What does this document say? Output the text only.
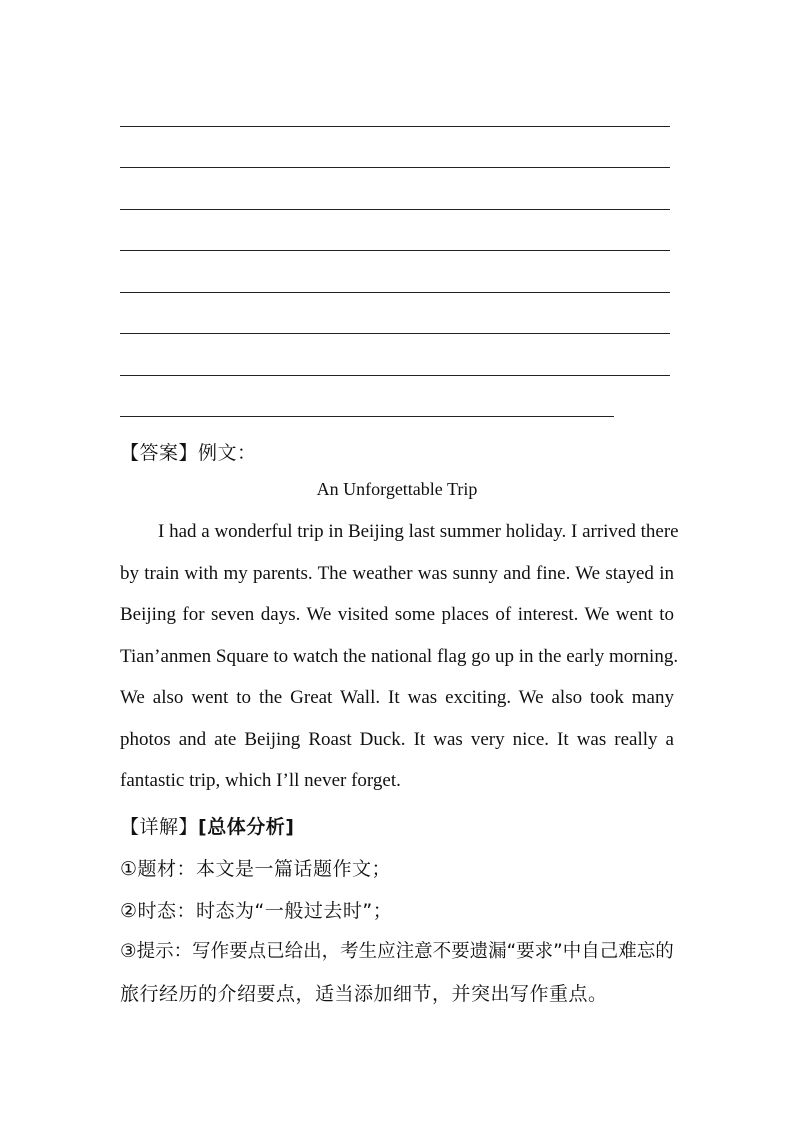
【答案】例文：
An Unforgettable Trip
I had a wonderful trip in Beijing last summer holiday. I arrived there
by train with my parents. The weather was sunny and fine. We stayed in
Beijing for seven days. We visited some places of interest. We went to
Tian’anmen Square to watch the national flag go up in the early morning.
We also went to the Great Wall. It was exciting. We also took many
photos and ate Beijing Roast Duck. It was very nice. It was really a
fantastic trip, which I’ll never forget.
【详解】[总体分析]
①题材：本文是一篇话题作文；
②时态：时态为“一般过去时”；
③提示：写作要点已给出，考生应注意不要遗漏“要求”中自己难忘的
旅行经历的介绍要点，适当添加细节，并突出写作重点。
